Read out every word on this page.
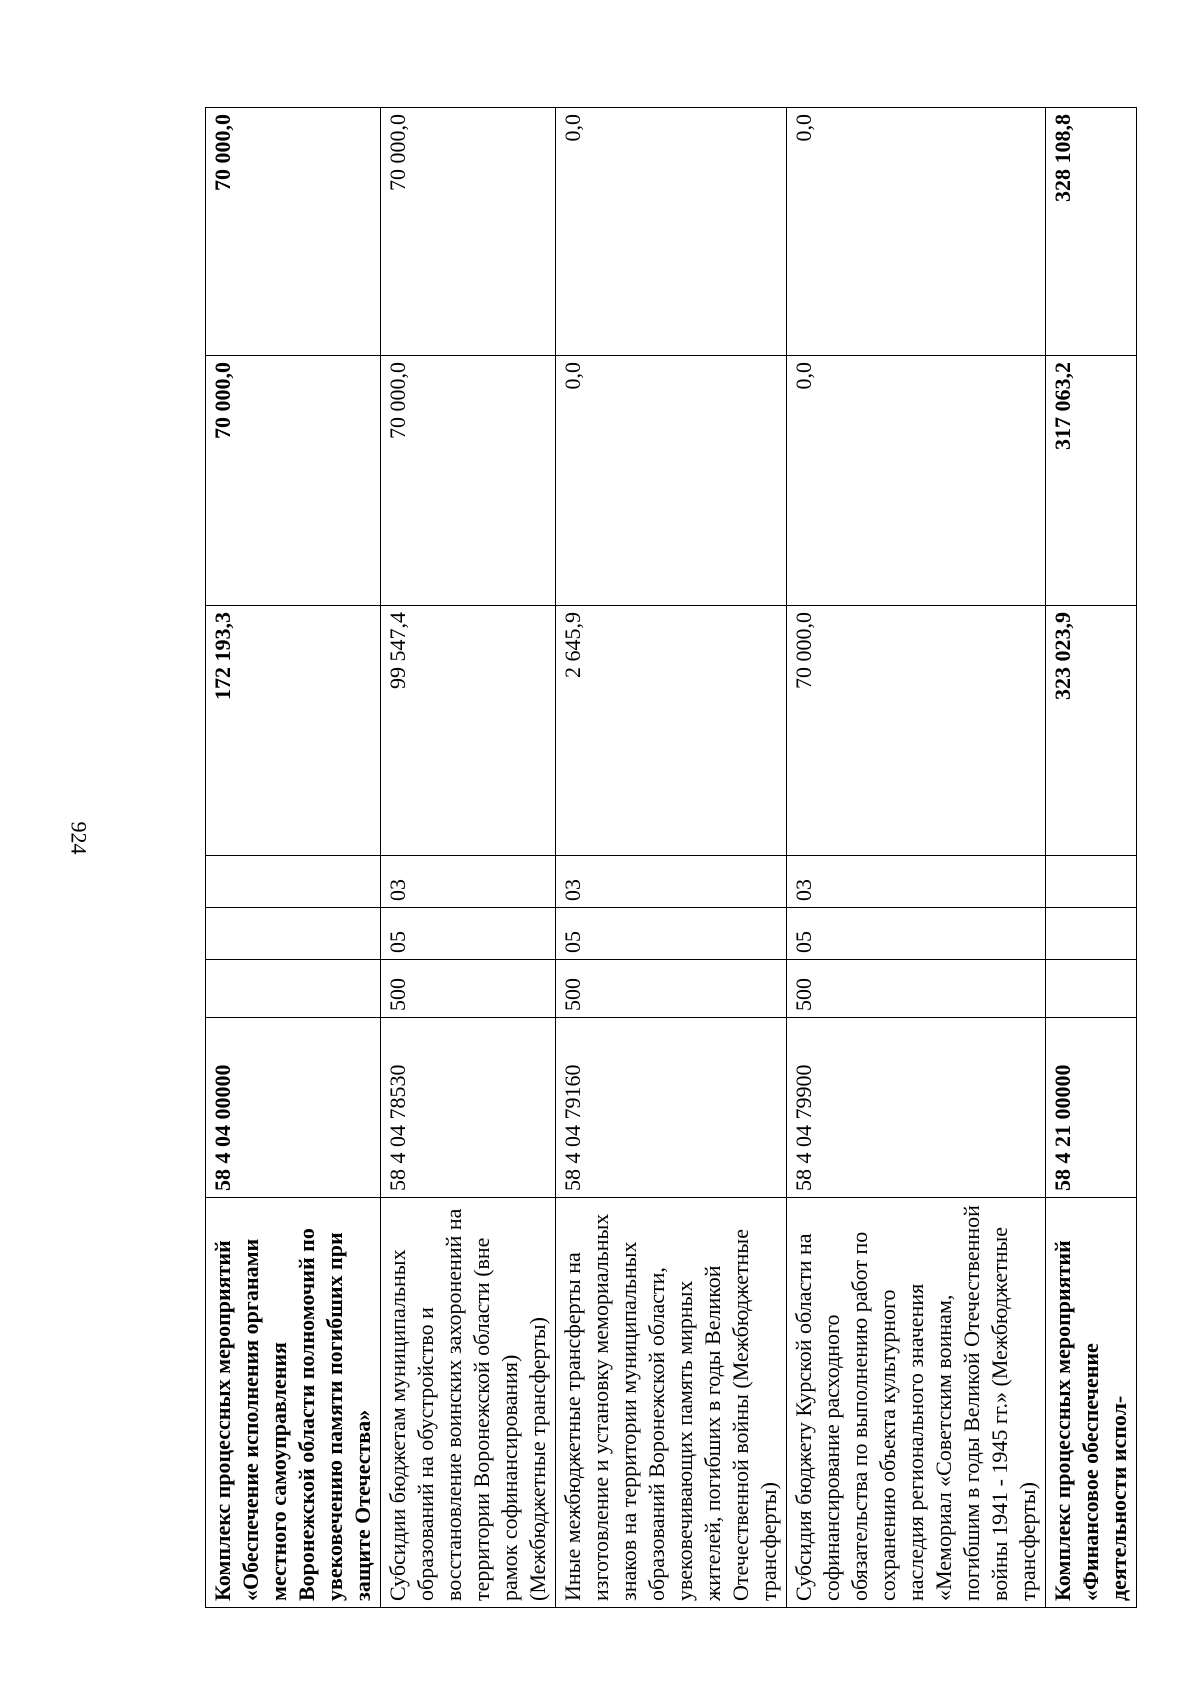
924
Комплекс процессных мероприятий «Обеспечение исполнения органами местного самоуправления Воронежской области полномочий по увековечению памяти погибших при защите Отечества»	58 4 04 00000				172 193,3	70 000,0	70 000,0
Субсидии бюджетам муниципальных образований на обустройство и восстановление воинских захоронений на территории Воронежской области (вне рамок софинансирования) (Межбюджетные трансферты)	58 4 04 78530	500	05	03	99 547,4	70 000,0	70 000,0
Иные межбюджетные трансферты на изготовление и установку мемориальных знаков на территории муниципальных образований Воронежской области, увековечивающих память мирных жителей, погибших в годы Великой Отечественной войны (Межбюджетные трансферты)	58 4 04 79160	500	05	03	2 645,9	0,0	0,0
Субсидия бюджету Курской области на софинансирование расходного обязательства по выполнению работ по сохранению объекта культурного наследия регионального значения «Мемориал «Советским воинам, погибшим в годы Великой Отечественной войны 1941 - 1945 гг.» (Межбюджетные трансферты)	58 4 04 79900	500	05	03	70 000,0	0,0	0,0
Комплекс процессных мероприятий «Финансовое обеспечение деятельности испол-	58 4 21 00000				323 023,9	317 063,2	328 108,8
